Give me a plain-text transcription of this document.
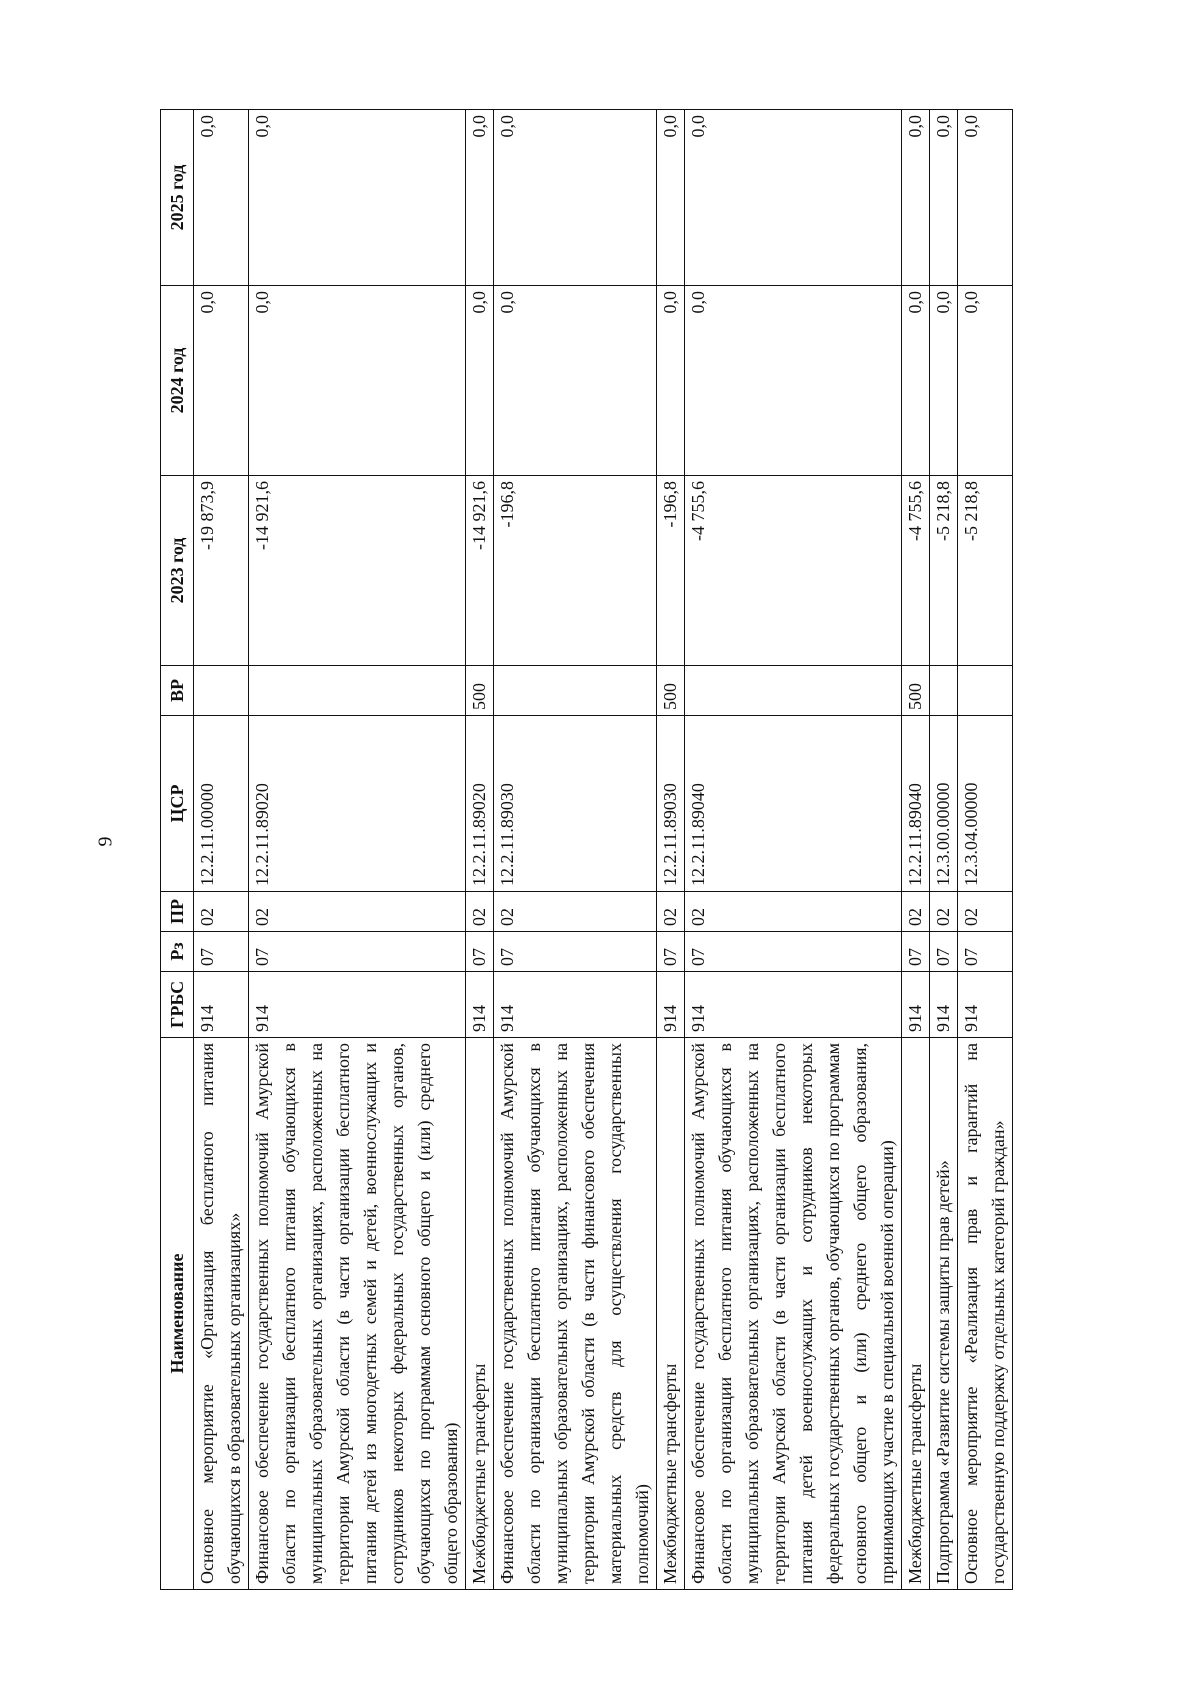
9
Наименование	ГРБС	Рз	ПР	ЦСР	ВР	2023 год	2024 год	2025 год
Основное мероприятие «Организация бесплатного питания обучающихся в образовательных организациях»	914	07	02	12.2.11.00000		-19 873,9	0,0	0,0
Финансовое обеспечение государственных полномочий Амурской области по организации бесплатного питания обучающихся в муниципальных образовательных организациях, расположенных на территории Амурской области (в части организации бесплатного питания детей из многодетных семей и детей, военнослужащих и сотрудников некоторых федеральных государственных органов, обучающихся по программам основного общего и (или) среднего общего образования)	914	07	02	12.2.11.89020		-14 921,6	0,0	0,0
Межбюджетные трансферты	914	07	02	12.2.11.89020	500	-14 921,6	0,0	0,0
Финансовое обеспечение государственных полномочий Амурской области по организации бесплатного питания обучающихся в муниципальных образовательных организациях, расположенных на территории Амурской области (в части финансового обеспечения материальных средств для осуществления государственных полномочий)	914	07	02	12.2.11.89030		-196,8	0,0	0,0
Межбюджетные трансферты	914	07	02	12.2.11.89030	500	-196,8	0,0	0,0
Финансовое обеспечение государственных полномочий Амурской области по организации бесплатного питания обучающихся в муниципальных образовательных организациях, расположенных на территории Амурской области (в части организации бесплатного питания детей военнослужащих и сотрудников некоторых федеральных государственных органов, обучающихся по программам основного общего и (или) среднего общего образования, принимающих участие в специальной военной операции)	914	07	02	12.2.11.89040		-4 755,6	0,0	0,0
Межбюджетные трансферты	914	07	02	12.2.11.89040	500	-4 755,6	0,0	0,0
Подпрограмма «Развитие системы защиты прав детей»	914	07	02	12.3.00.00000		-5 218,8	0,0	0,0
Основное мероприятие «Реализация прав и гарантий на государственную поддержку отдельных категорий граждан»	914	07	02	12.3.04.00000		-5 218,8	0,0	0,0
